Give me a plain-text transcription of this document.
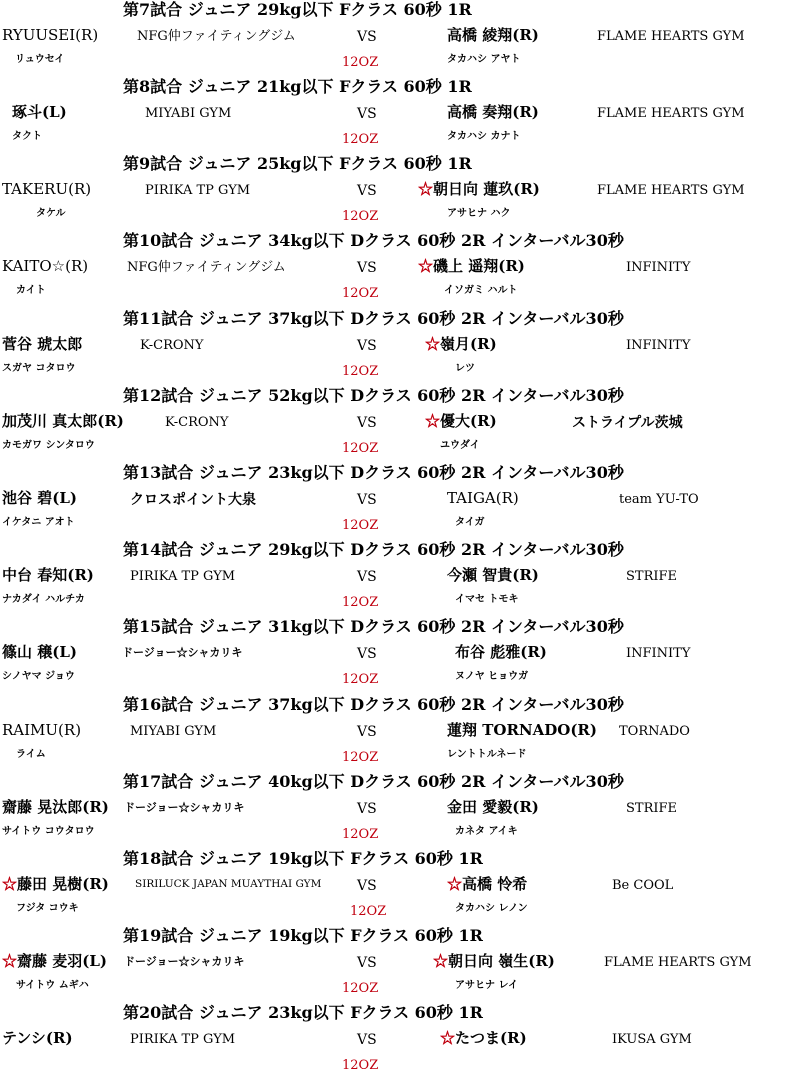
第7試合 ジュニア 29kg以下 Fクラス 60秒 1R
RYUUSEI(R)	NFG仲ファイティングジム	VS	高橋 綾翔(R)	FLAME HEARTS GYM
リュウセイ	12OZ	タカハシ アヤト
第8試合 ジュニア 21kg以下 Fクラス 60秒 1R
琢斗(L)	MIYABI GYM	VS	高橋 奏翔(R)	FLAME HEARTS GYM
タクト	12OZ	タカハシ カナト
第9試合 ジュニア 25kg以下 Fクラス 60秒 1R
TAKERU(R)	PIRIKA TP GYM	VS	☆朝日向 蓮玖(R)	FLAME HEARTS GYM
タケル	12OZ	アサヒナ ハク
第10試合 ジュニア 34kg以下 Dクラス 60秒 2R インターバル30秒
KAITO☆(R)	NFG仲ファイティングジム	VS	☆磯上 遥翔(R)	INFINITY
カイト	12OZ	イソガミ ハルト
第11試合 ジュニア 37kg以下 Dクラス 60秒 2R インターバル30秒
菅谷 琥太郎	K-CRONY	VS	☆嶺月(R)	INFINITY
スガヤ コタロウ	12OZ	レツ
第12試合 ジュニア 52kg以下 Dクラス 60秒 2R インターバル30秒
加茂川 真太郎(R)	K-CRONY	VS	☆優大(R)	ストライプル茨城
カモガワ シンタロウ	12OZ	ユウダイ
第13試合 ジュニア 23kg以下 Dクラス 60秒 2R インターバル30秒
池谷 碧(L)	クロスポイント大泉	VS	TAIGA(R)	team YU-TO
イケタニ アオト	12OZ	タイガ
第14試合 ジュニア 29kg以下 Dクラス 60秒 2R インターバル30秒
中台 春知(R)	PIRIKA TP GYM	VS	今瀬 智貴(R)	STRIFE
ナカダイ ハルチカ	12OZ	イマセ トモキ
第15試合 ジュニア 31kg以下 Dクラス 60秒 2R インターバル30秒
篠山 穣(L)	ドージョー☆シャカリキ	VS	布谷 彪雅(R)	INFINITY
シノヤマ ジョウ	12OZ	ヌノヤ ヒョウガ
第16試合 ジュニア 37kg以下 Dクラス 60秒 2R インターバル30秒
RAIMU(R)	MIYABI GYM	VS	蓮翔 TORNADO(R) TORNADO
ライム	12OZ	レントトルネード
第17試合 ジュニア 40kg以下 Dクラス 60秒 2R インターバル30秒
齋藤 晃汰郎(R) ドージョー☆シャカリキ	VS	金田 愛毅(R)	STRIFE
サイトウ コウタロウ	12OZ	カネタ アイキ
第18試合 ジュニア 19kg以下 Fクラス 60秒 1R
☆藤田 晃樹(R) SIRILUCK JAPAN MUAYTHAI GYM	VS	☆高橋 怜希	Be COOL
フジタ コウキ	12OZ	タカハシ レノン
第19試合 ジュニア 19kg以下 Fクラス 60秒 1R
☆齋藤 麦羽(L) ドージョー☆シャカリキ	VS	☆朝日向 嶺生(R)	FLAME HEARTS GYM
サイトウ ムギハ	12OZ	アサヒナ レイ
第20試合 ジュニア 23kg以下 Fクラス 60秒 1R
テンシ(R)	PIRIKA TP GYM	VS	☆たつま(R)	IKUSA GYM
12OZ
